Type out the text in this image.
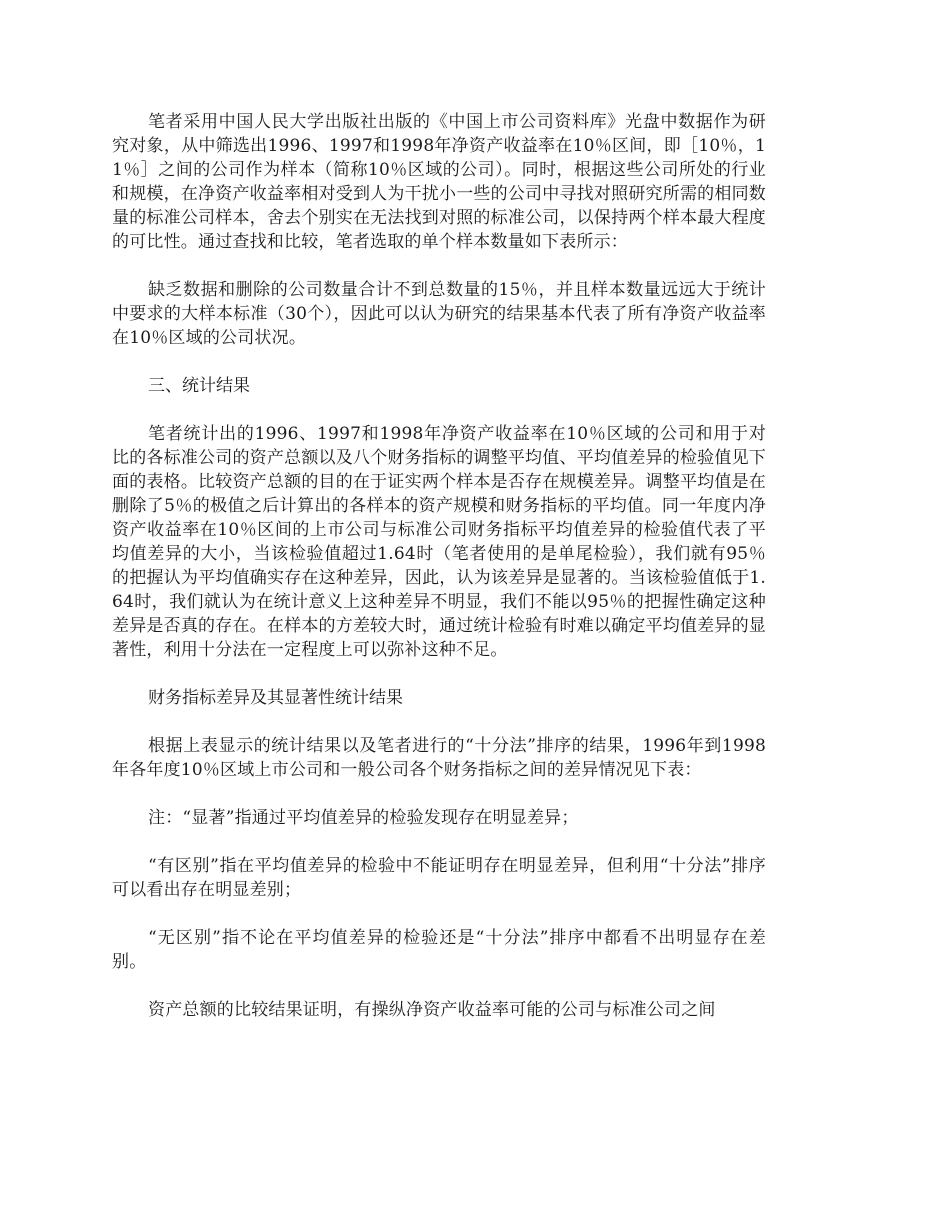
笔者采用中国人民大学出版社出版的《中国上市公司资料库》光盘中数据作为研究对象，从中筛选出1996、1997和1998年净资产收益率在10％区间，即［10％，11％］之间的公司作为样本（简称10％区域的公司）。同时，根据这些公司所处的行业和规模，在净资产收益率相对受到人为干扰小一些的公司中寻找对照研究所需的相同数量的标准公司样本，舍去个别实在无法找到对照的标准公司，以保持两个样本最大程度的可比性。通过查找和比较，笔者选取的单个样本数量如下表所示：

缺乏数据和删除的公司数量合计不到总数量的15％，并且样本数量远远大于统计中要求的大样本标准（30个），因此可以认为研究的结果基本代表了所有净资产收益率在10％区域的公司状况。

三、统计结果

笔者统计出的1996、1997和1998年净资产收益率在10％区域的公司和用于对比的各标准公司的资产总额以及八个财务指标的调整平均值、平均值差异的检验值见下面的表格。比较资产总额的目的在于证实两个样本是否存在规模差异。调整平均值是在删除了5％的极值之后计算出的各样本的资产规模和财务指标的平均值。同一年度内净资产收益率在10％区间的上市公司与标准公司财务指标平均值差异的检验值代表了平均值差异的大小，当该检验值超过1.64时（笔者使用的是单尾检验），我们就有95％的把握认为平均值确实存在这种差异，因此，认为该差异是显著的。当该检验值低于1.64时，我们就认为在统计意义上这种差异不明显，我们不能以95％的把握性确定这种差异是否真的存在。在样本的方差较大时，通过统计检验有时难以确定平均值差异的显著性，利用十分法在一定程度上可以弥补这种不足。

财务指标差异及其显著性统计结果

根据上表显示的统计结果以及笔者进行的“十分法”排序的结果，1996年到1998年各年度10％区域上市公司和一般公司各个财务指标之间的差异情况见下表：

注：“显著”指通过平均值差异的检验发现存在明显差异；

“有区别”指在平均值差异的检验中不能证明存在明显差异，但利用“十分法”排序可以看出存在明显差别；

“无区别”指不论在平均值差异的检验还是“十分法”排序中都看不出明显存在差别。

资产总额的比较结果证明，有操纵净资产收益率可能的公司与标准公司之间
